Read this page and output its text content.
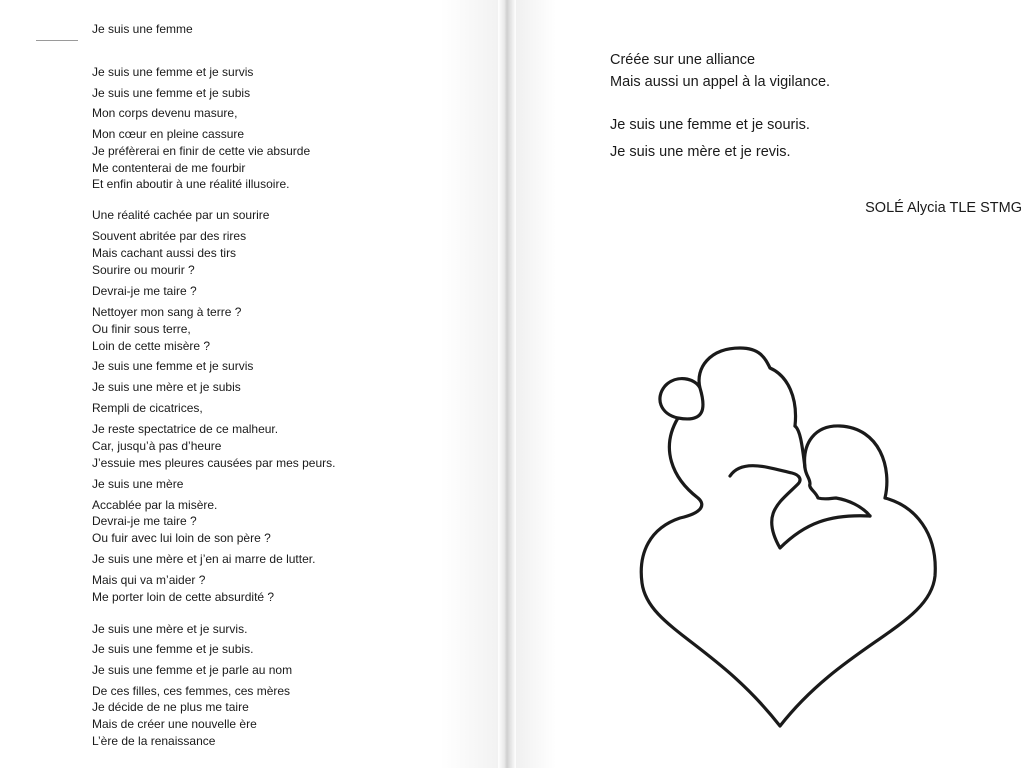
Je suis une femme
Je suis une femme et je survis
Je suis une femme et je subis
Mon corps devenu masure,
Mon cœur en pleine cassure
Je préfèrerai en finir de cette vie absurde
Me contenterai de me fourbir
Et enfin aboutir à une réalité illusoire.
Une réalité cachée par un sourire
Souvent abritée par des rires
Mais cachant aussi des tirs
Sourire ou mourir ?
Devrai-je me taire ?
Nettoyer mon sang à terre ?
Ou finir sous terre,
Loin de cette misère ?
Je suis une femme et je survis
Je suis une mère et je subis
Rempli de cicatrices,
Je reste spectatrice de ce malheur.
Car, jusqu’à pas d’heure
J’essuie mes pleures causées par mes peurs.
Je suis une mère
Accablée par la misère.
Devrai-je me taire ?
Ou fuir avec lui loin de son père ?
Je suis une mère et j’en ai marre de lutter.
Mais qui va m’aider ?
Me porter loin de cette absurdité ?
Je suis une mère et je survis.
Je suis une femme et je subis.
Je suis une femme et je parle au nom
De ces filles, ces femmes, ces mères
Je décide de ne plus me taire
Mais de créer une nouvelle ère
L’ère de la renaissance
Créée sur une alliance
Mais aussi un appel à la vigilance.
Je suis une femme et je souris.
Je suis une mère et je revis.
SOLÉ Alycia TLE STMG
